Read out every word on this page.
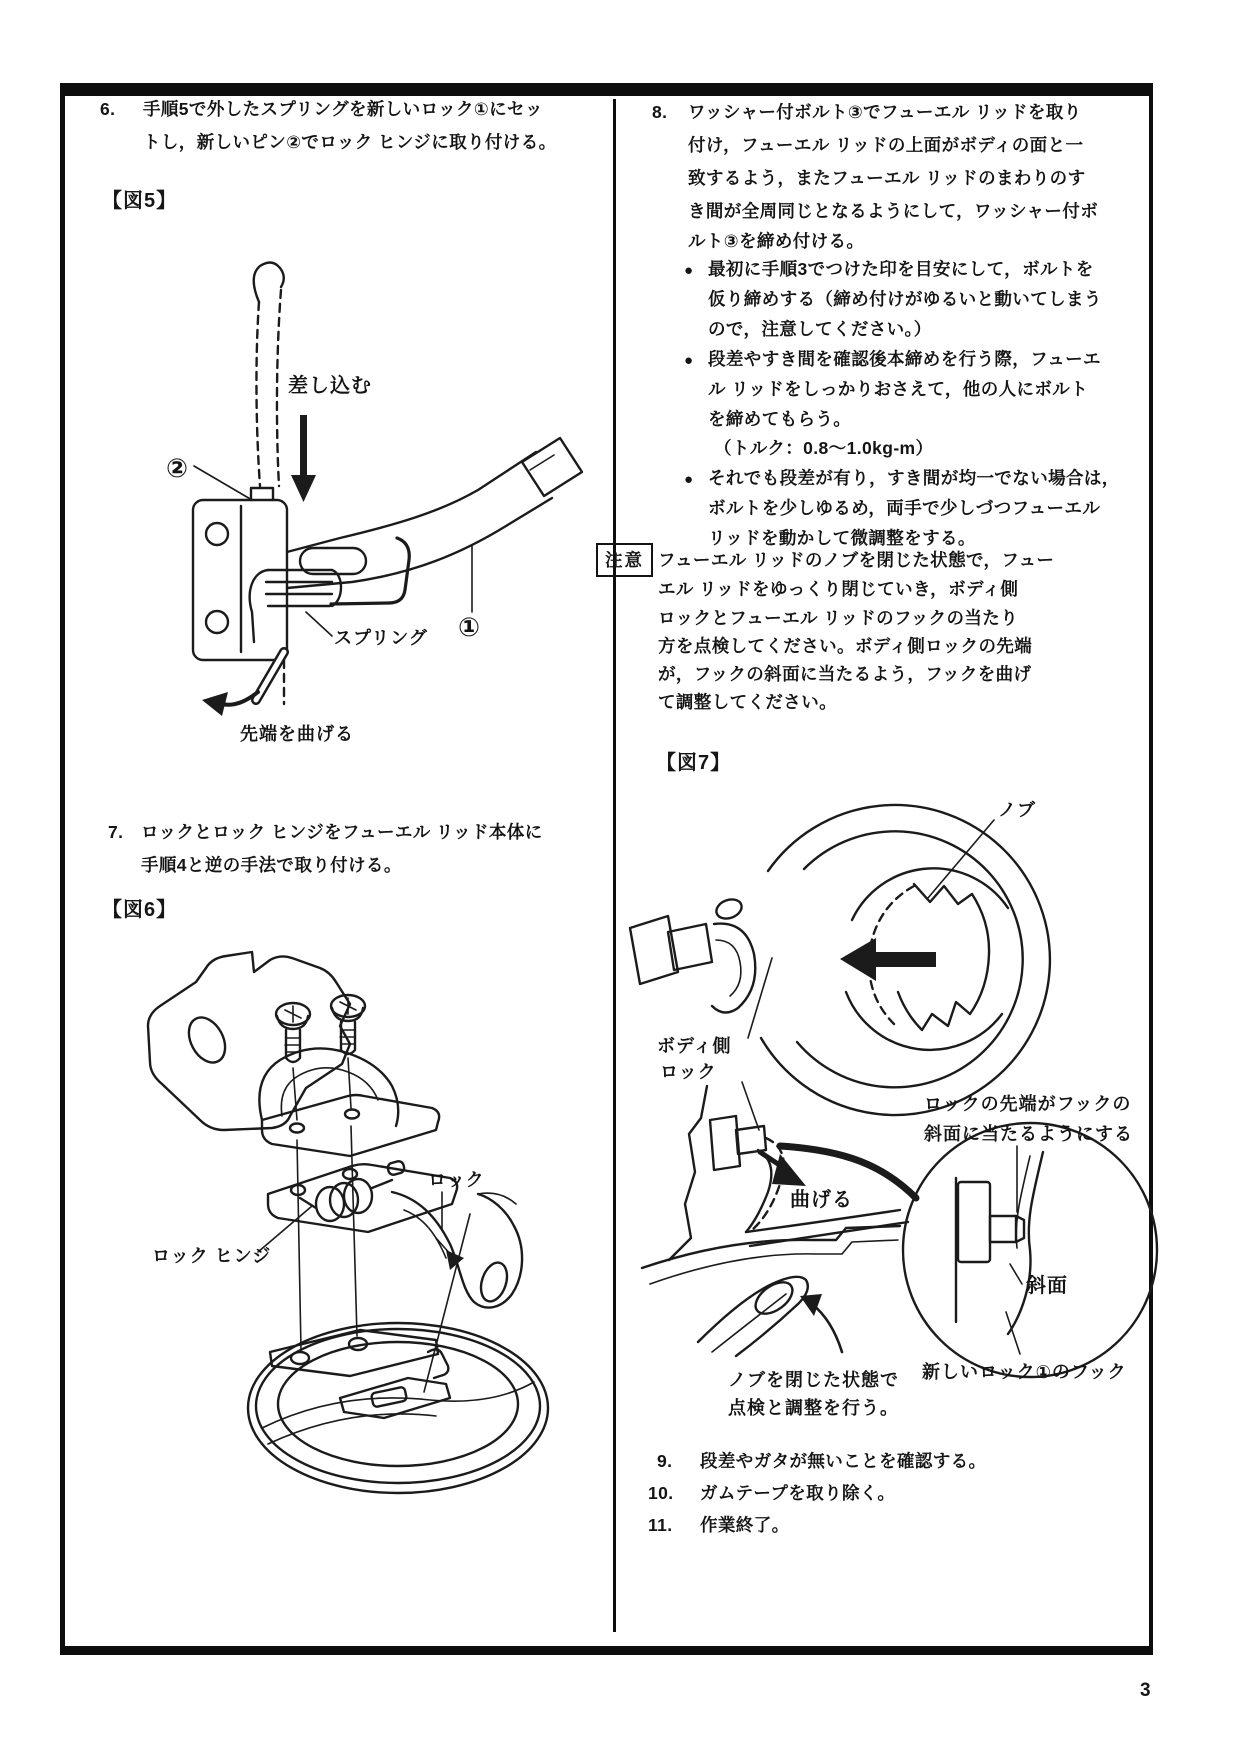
6. 手順5で外したスプリングを新しいロック①にセッ
トし，新しいピン②でロック ヒンジに取り付ける。
【図5】
7. ロックとロック ヒンジをフューエル リッド本体に
手順4と逆の手法で取り付ける。
【図6】
8. ワッシャー付ボルト③でフューエル リッドを取り
付け，フューエル リッドの上面がボディの面と一
致するよう，またフューエル リッドのまわりのす
き間が全周同じとなるようにして，ワッシャー付ボ
ルト③を締め付ける。
● 最初に手順3でつけた印を目安にして，ボルトを
仮り締めする（締め付けがゆるいと動いてしまう
ので，注意してください。）
● 段差やすき間を確認後本締めを行う際，フューエ
ル リッドをしっかりおさえて，他の人にボルト
を締めてもらう。
（トルク：0.8〜1.0kg-m）
● それでも段差が有り，すき間が均一でない場合は，
ボルトを少しゆるめ，両手で少しづつフューエル
リッドを動かして微調整をする。
注意 フューエル リッドのノブを閉じた状態で，フュー
エル リッドをゆっくり閉じていき，ボディ側
ロックとフューエル リッドのフックの当たり
方を点検してください。ボディ側ロックの先端
が，フックの斜面に当たるよう，フックを曲げ
て調整してください。
【図7】
9. 段差やガタが無いことを確認する。
10. ガムテープを取り除く。
11. 作業終了。
3
差し込む
②
①
スプリング
先端を曲げる
ロック
ロック ヒンジ
ノブ
ボディ側
ロック
ロックの先端がフックの
斜面に当たるようにする
曲げる
斜面
新しいロック①のフック
ノブを閉じた状態で
点検と調整を行う。
